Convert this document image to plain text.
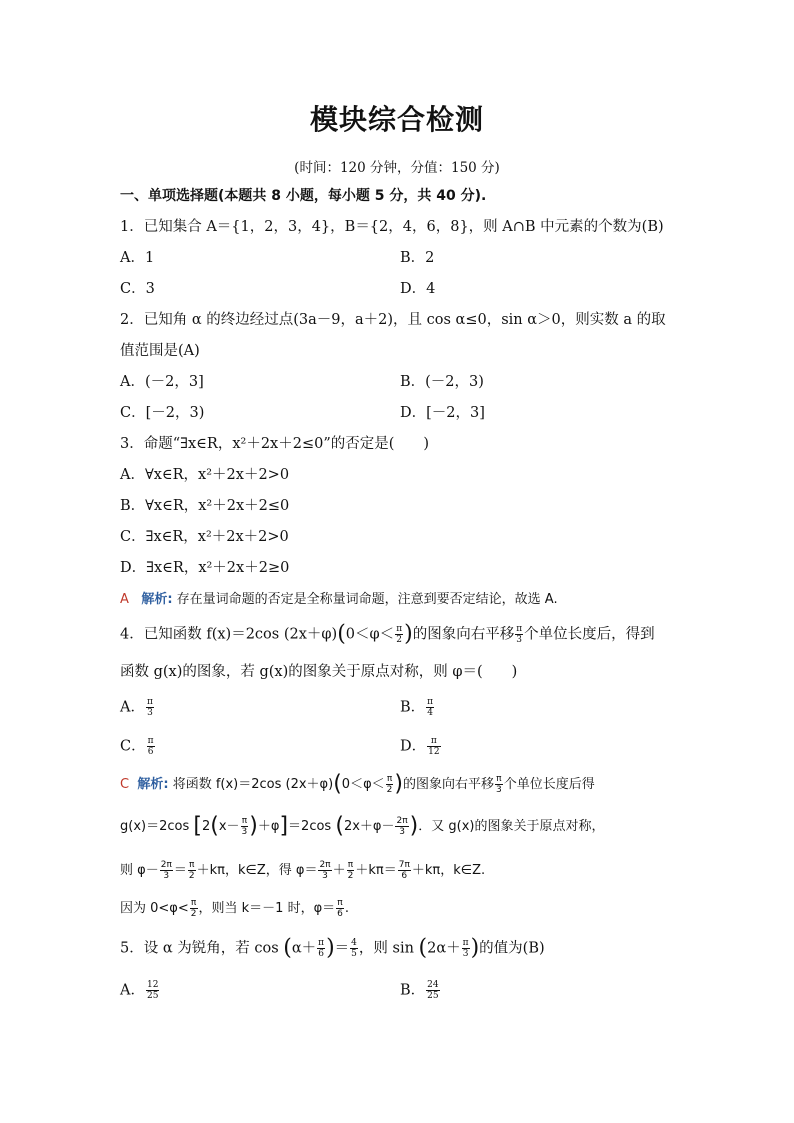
模块综合检测
(时间：120 分钟，分值：150 分)
一、单项选择题(本题共 8 小题，每小题 5 分，共 40 分).
1．已知集合 A＝{1，2，3，4}，B＝{2，4，6，8}，则 A∩B 中元素的个数为(B)
A．1	B．2
C．3	D．4
2．已知角 α 的终边经过点(3a－9，a＋2)，且 cos α≤0，sin α＞0，则实数 a 的取
值范围是(A)
A．(－2，3]	B．(－2，3)
C．[－2，3)	D．[－2，3]
3．命题“∃x∈R，x²＋2x＋2≤0”的否定是(　　)
A．∀x∈R，x²＋2x＋2>0
B．∀x∈R，x²＋2x＋2≤0
C．∃x∈R，x²＋2x＋2>0
D．∃x∈R，x²＋2x＋2≥0
A 解析: 存在量词命题的否定是全称量词命题，注意到要否定结论，故选 A.
4．已知函数 f(x)＝2cos $(2x+\varphi)(0<\varphi< \frac{\pi}{2}$ )的图象向右平移 $\frac{\pi}{3}$ 个单位长度后，得到
函数 g(x)的图象，若 g(x)的图象关于原点对称，则 φ＝(　　)
A． $\frac{\pi}{3}$	B． $\frac{\pi}{4}$
C． $\frac{\pi}{6}$	D． $\frac{\pi}{12}$
C 解析: 将函数 f(x)＝2cos $(2x+\varphi)(0<\varphi< \frac{\pi}{2}$ )的图象向右平移 $\frac{\pi}{3}$ 个单位长度后得
g(x)＝2cos $[2(x- \frac{\pi}{3} )+\varphi]=2\cos$ ($2x+\varphi- \frac{2\pi}{3}$ )．又 g(x)的图象关于原点对称，
则 $\varphi- \frac{2\pi}{3} = \frac{\pi}{2} +k\pi$，k∈Z，得 $\varphi= \frac{2\pi}{3} + \frac{\pi}{2} +k\pi= \frac{7\pi}{6} +k\pi$，k∈Z.
因为 $0<\varphi< \frac{\pi}{2}$ ，则当 k＝－1 时，$\varphi= \frac{\pi}{6}$ .
5．设 α 为锐角，若 $\cos (\alpha+ \frac{\pi}{6}$ )＝ $\frac{4}{5}$ ，则 $\sin (2\alpha+ \frac{\pi}{3}$ )的值为(B)
A． $\frac{12}{25}$	B． $\frac{24}{25}$
